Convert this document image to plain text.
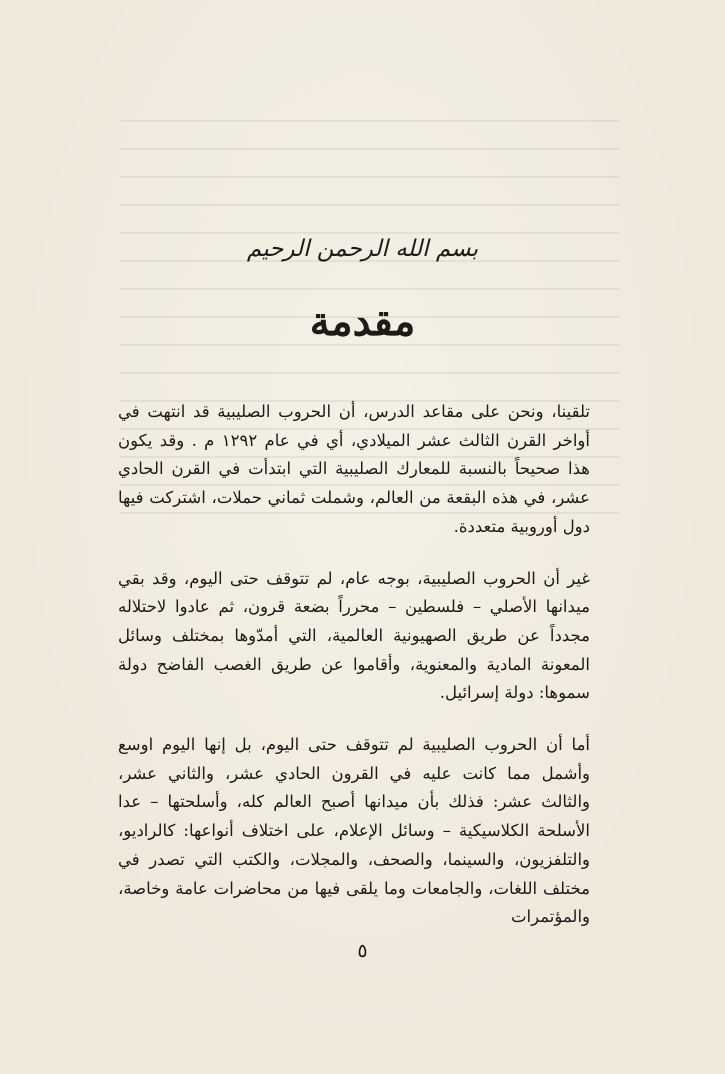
بسم الله الرحمن الرحيم
مقدمة

تلقينا، ونحن على مقاعد الدرس، أن الحروب الصليبية قد انتهت في أواخر القرن الثالث عشر الميلادي، أي في عام ١٢٩٢ م . وقد يكون هذا صحيحاً بالنسبة للمعارك الصليبية التي ابتدأت في القرن الحادي عشر، في هذه البقعة من العالم، وشملت ثماني حملات، اشتركت فيها دول أوروبية متعددة.

غير أن الحروب الصليبية، بوجه عام، لم تتوقف حتى اليوم، وقد بقي ميدانها الأصلي – فلسطين – محرراً بضعة قرون، ثم عادوا لاحتلاله مجدداً عن طريق الصهيونية العالمية، التي أمدّوها بمختلف وسائل المعونة المادية والمعنوية، وأقاموا عن طريق الغصب الفاضح دولة سموها: دولة إسرائيل.

أما أن الحروب الصليبية لم تتوقف حتى اليوم، بل إنها اليوم اوسع وأشمل مما كانت عليه في القرون الحادي عشر، والثاني عشر، والثالث عشر: فذلك بأن ميدانها أصبح العالم كله، وأسلحتها – عدا الأسلحة الكلاسيكية – وسائل الإعلام، على اختلاف أنواعها: كالراديو، والتلفزيون، والسينما، والصحف، والمجلات، والكتب التي تصدر في مختلف اللغات، والجامعات وما يلقى فيها من محاضرات عامة وخاصة، والمؤتمرات

٥
